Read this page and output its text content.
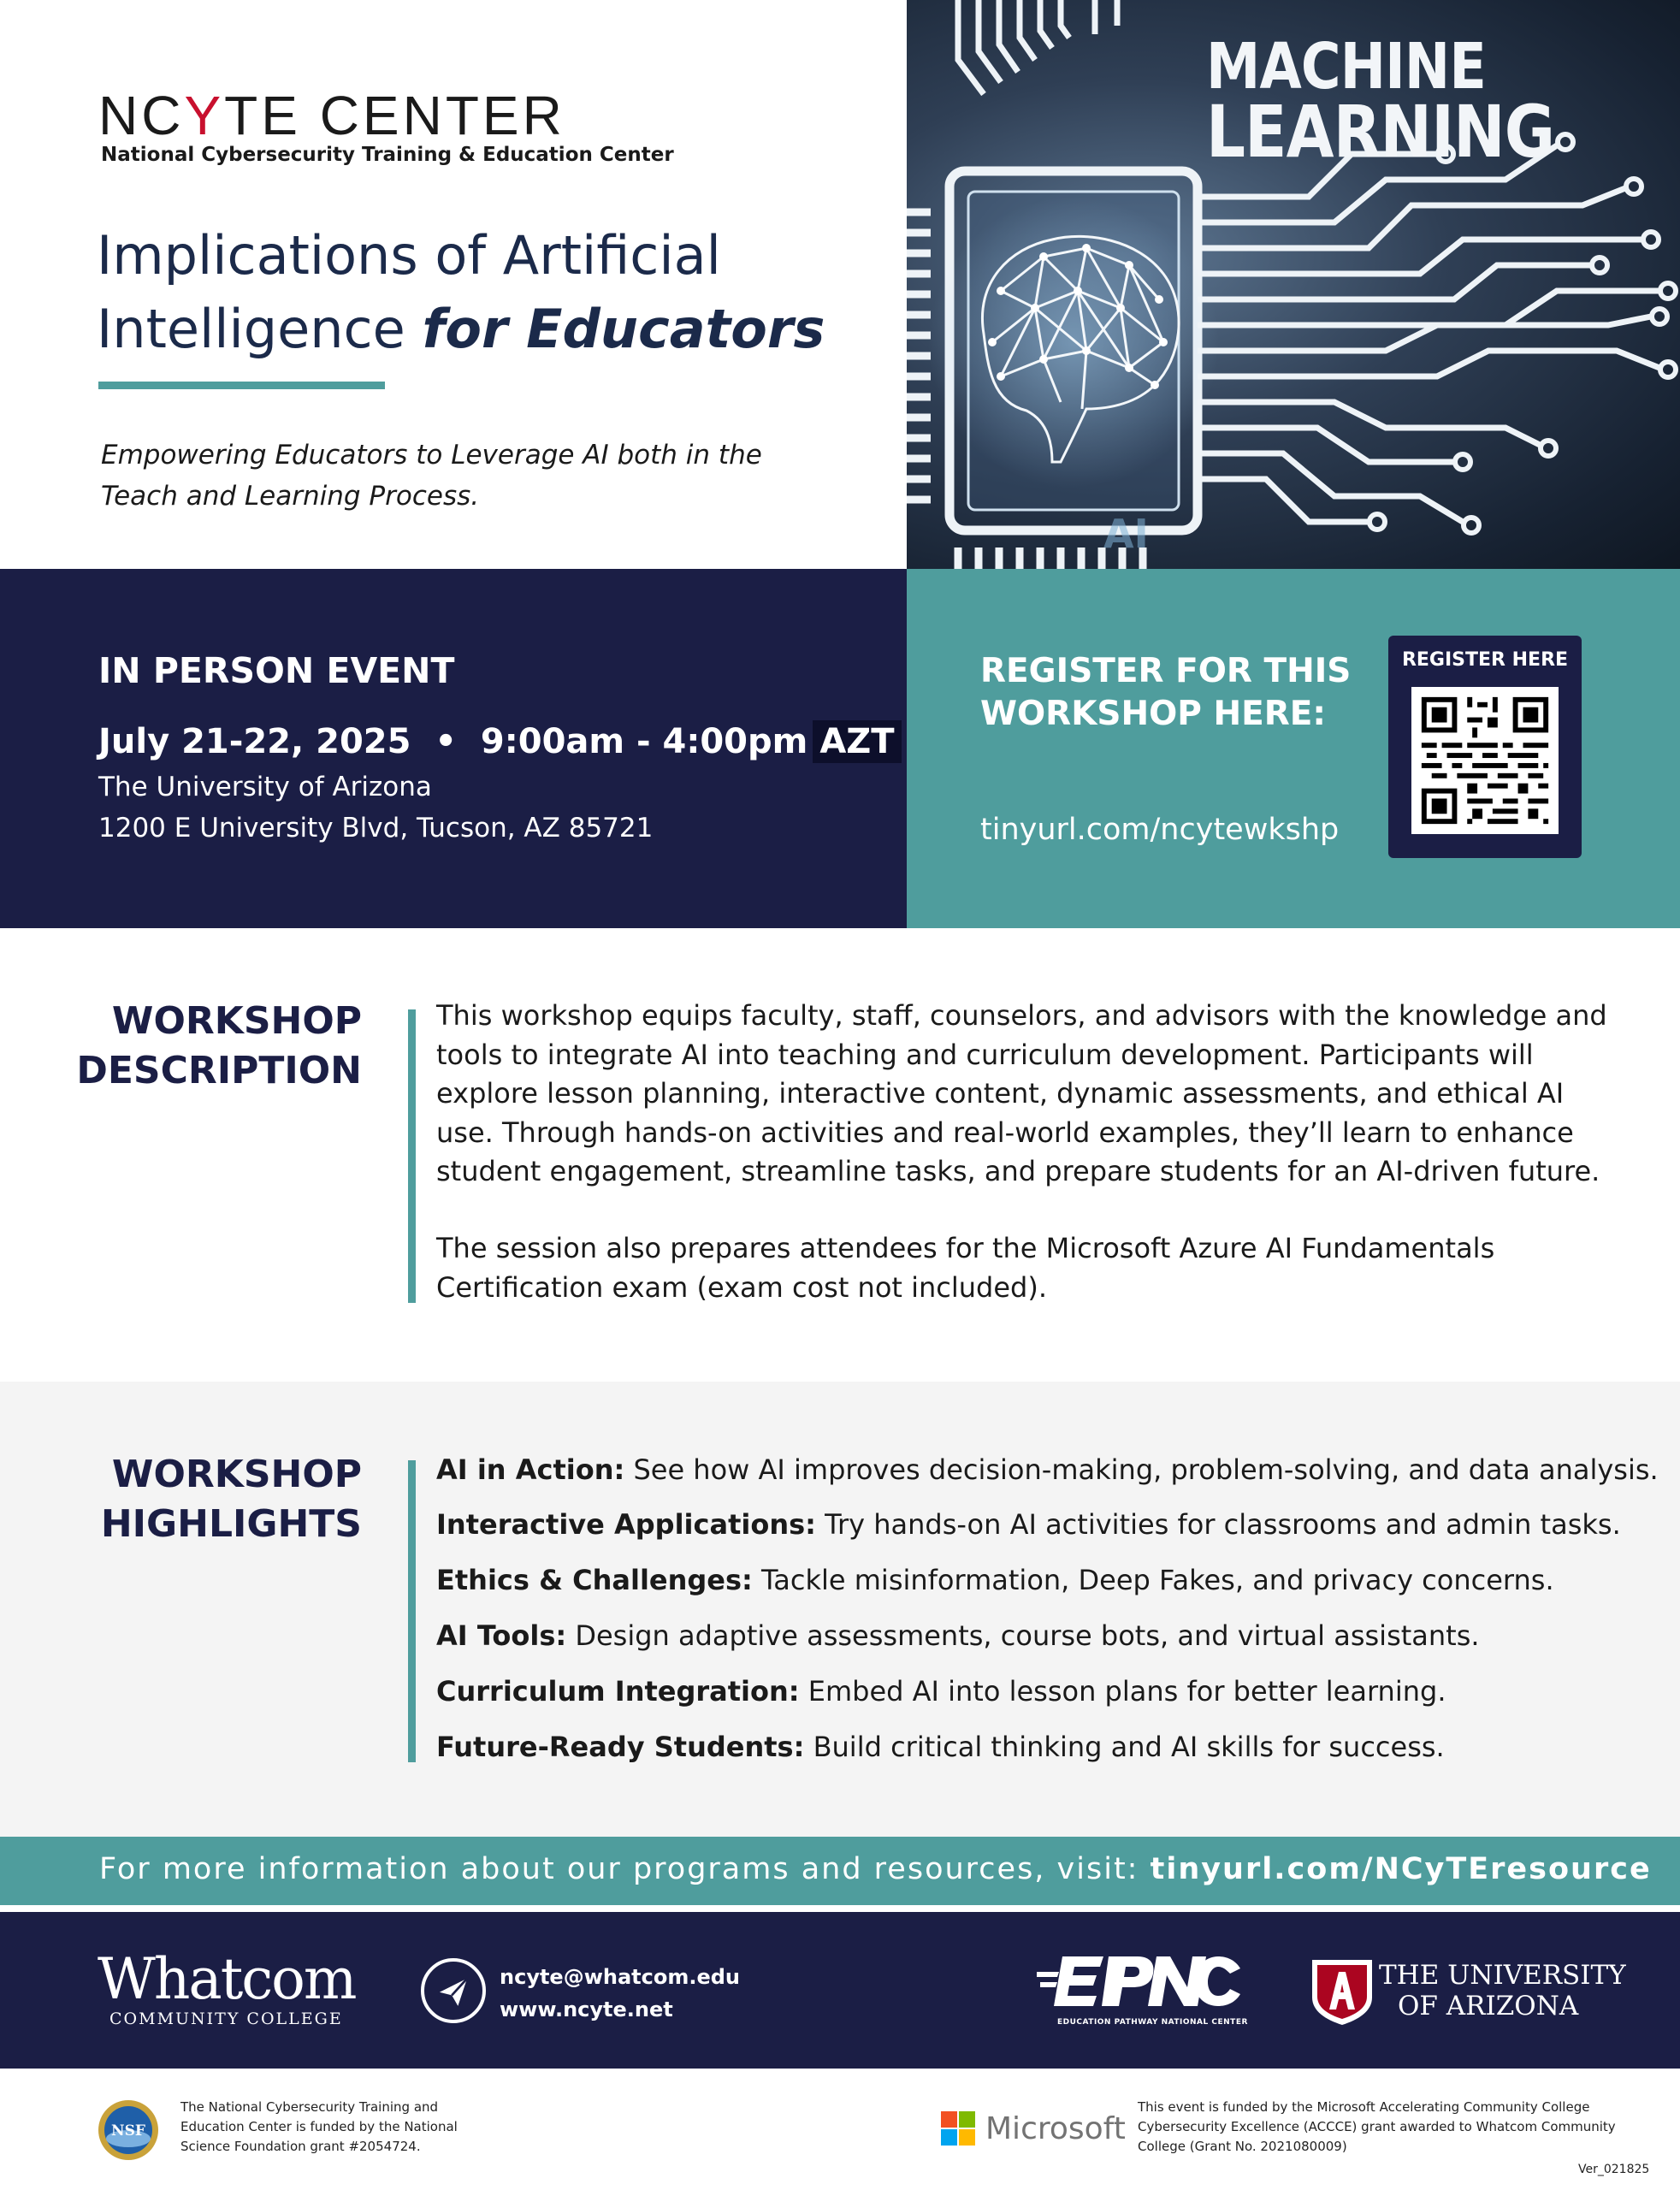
NCYTE CENTER
National Cybersecurity Training & Education Center
Implications of Artificial
Intelligence for Educators
Empowering Educators to Leverage AI both in the Teach and Learning Process.
AI
MACHINE
LEARNING
IN PERSON EVENT
July 21-22, 2025 • 9:00am - 4:00pm AZT
The University of Arizona
1200 E University Blvd, Tucson, AZ 85721
REGISTER FOR THIS WORKSHOP HERE:
tinyurl.com/ncytewkshp
REGISTER HERE
WORKSHOP
DESCRIPTION
This workshop equips faculty, staff, counselors, and advisors with the knowledge and tools to integrate AI into teaching and curriculum development. Participants will explore lesson planning, interactive content, dynamic assessments, and ethical AI use. Through hands-on activities and real-world examples, they’ll learn to enhance student engagement, streamline tasks, and prepare students for an AI-driven future.
The session also prepares attendees for the Microsoft Azure AI Fundamentals Certification exam (exam cost not included).
WORKSHOP
HIGHLIGHTS
AI in Action: See how AI improves decision-making, problem-solving, and data analysis.
Interactive Applications: Try hands-on AI activities for classrooms and admin tasks.
Ethics & Challenges: Tackle misinformation, Deep Fakes, and privacy concerns.
AI Tools: Design adaptive assessments, course bots, and virtual assistants.
Curriculum Integration: Embed AI into lesson plans for better learning.
Future-Ready Students: Build critical thinking and AI skills for success.
For more information about our programs and resources, visit: tinyurl.com/NCyTEresource
Whatcom
COMMUNITY COLLEGE
ncyte@whatcom.edu
www.ncyte.net
EDUCATION PATHWAY NATIONAL CENTER
THE UNIVERSITY
OF ARIZONA
NSF
The National Cybersecurity Training and Education Center is funded by the National Science Foundation grant #2054724.	Microsoft
This event is funded by the Microsoft Accelerating Community College Cybersecurity Excellence (ACCCE) grant awarded to Whatcom Community College (Grant No. 2021080009)
Ver_021825
